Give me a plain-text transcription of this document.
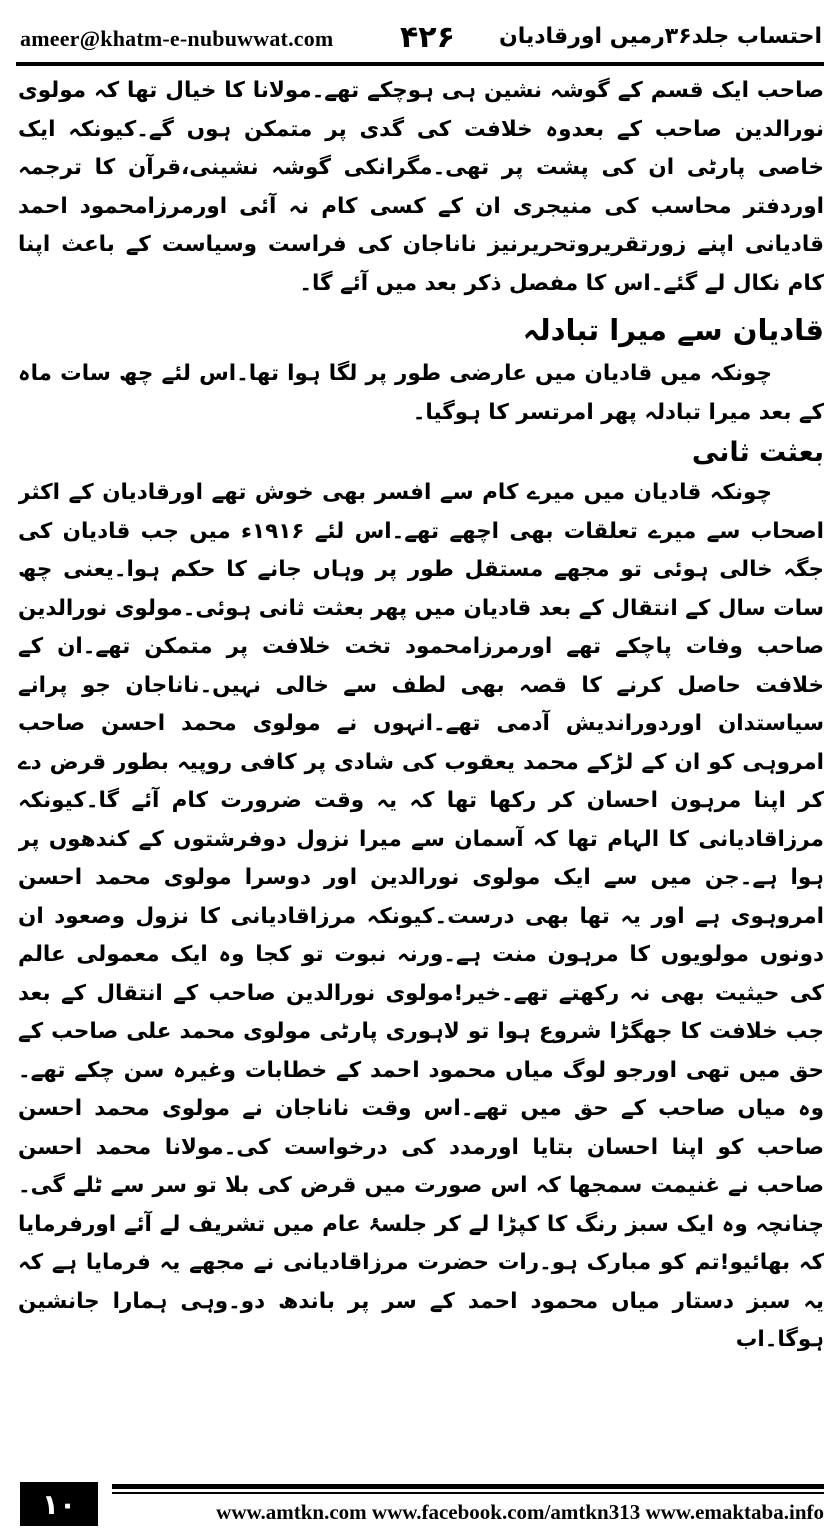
ameer@khatm-e-nubuwwat.com ۴۲۶ احتساب جلد۳۶رمیں اورقادیان

صاحب ایک قسم کے گوشہ نشین ہی ہوچکے تھے۔مولانا کا خیال تھا کہ مولوی نورالدین صاحب کے بعدوہ خلافت کی گدی پر متمکن ہوں گے۔کیونکہ ایک خاصی پارٹی ان کی پشت پر تھی۔مگرانکی گوشہ نشینی،قرآن کا ترجمہ اوردفتر محاسب کی منیجری ان کے کسی کام نہ آئی اورمرزامحمود احمد قادیانی اپنے زورتقریروتحریرنیز ناناجان کی فراست وسیاست کے باعث اپنا کام نکال لے گئے۔اس کا مفصل ذکر بعد میں آئے گا۔

قادیان سے میرا تبادلہ

چونکہ میں قادیان میں عارضی طور پر لگا ہوا تھا۔اس لئے چھ سات ماہ کے بعد میرا تبادلہ پھر امرتسر کا ہوگیا۔

بعثت ثانی

چونکہ قادیان میں میرے کام سے افسر بھی خوش تھے اورقادیان کے اکثر اصحاب سے میرے تعلقات بھی اچھے تھے۔اس لئے ۱۹۱۶ء میں جب قادیان کی جگہ خالی ہوئی تو مجھے مستقل طور پر وہاں جانے کا حکم ہوا۔یعنی چھ سات سال کے انتقال کے بعد قادیان میں پھر بعثت ثانی ہوئی۔مولوی نورالدین صاحب وفات پاچکے تھے اورمرزامحمود تخت خلافت پر متمکن تھے۔ان کے خلافت حاصل کرنے کا قصہ بھی لطف سے خالی نہیں۔ناناجان جو پرانے سیاستدان اوردوراندیش آدمی تھے۔انہوں نے مولوی محمد احسن صاحب امروہی کو ان کے لڑکے محمد یعقوب کی شادی پر کافی روپیہ بطور قرض دے کر اپنا مرہون احسان کر رکھا تھا کہ یہ وقت ضرورت کام آئے گا۔کیونکہ مرزاقادیانی کا الہام تھا کہ آسمان سے میرا نزول دوفرشتوں کے کندھوں پر ہوا ہے۔جن میں سے ایک مولوی نورالدین اور دوسرا مولوی محمد احسن امروہوی ہے اور یہ تھا بھی درست۔کیونکہ مرزاقادیانی کا نزول وصعود ان دونوں مولویوں کا مرہون منت ہے۔ورنہ نبوت تو کجا وہ ایک معمولی عالم کی حیثیت بھی نہ رکھتے تھے۔خیر!مولوی نورالدین صاحب کے انتقال کے بعد جب خلافت کا جھگڑا شروع ہوا تو لاہوری پارٹی مولوی محمد علی صاحب کے حق میں تھی اورجو لوگ میاں محمود احمد کے خطابات وغیرہ سن چکے تھے۔وہ میاں صاحب کے حق میں تھے۔اس وقت ناناجان نے مولوی محمد احسن صاحب کو اپنا احسان بتایا اورمدد کی درخواست کی۔مولانا محمد احسن صاحب نے غنیمت سمجھا کہ اس صورت میں قرض کی بلا تو سر سے ٹلے گی۔چنانچہ وہ ایک سبز رنگ کا کپڑا لے کر جلسۂ عام میں تشریف لے آئے اورفرمایا کہ بھائیو!تم کو مبارک ہو۔رات حضرت مرزاقادیانی نے مجھے یہ فرمایا ہے کہ یہ سبز دستار میاں محمود احمد کے سر پر باندھ دو۔وہی ہمارا جانشین ہوگا۔اب

۱۰	www.amtkn.com www.facebook.com/amtkn313 www.emaktaba.info
